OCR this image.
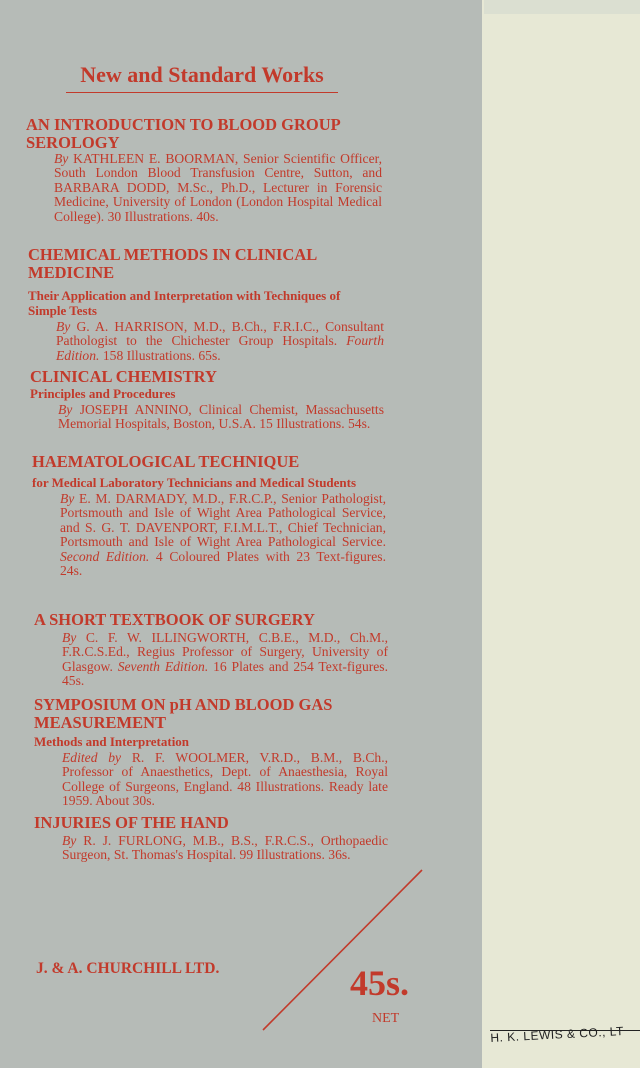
H. K. LEWIS & CO., LT
New and Standard Works
AN INTRODUCTION TO BLOOD GROUP SEROLOGY
By KATHLEEN E. BOORMAN, Senior Scientific Officer, South London Blood Transfusion Centre, Sutton, and BARBARA DODD, M.Sc., Ph.D., Lecturer in Forensic Medicine, University of London (London Hospital Medical College). 30 Illustrations. 40s.
CHEMICAL METHODS IN CLINICAL MEDICINE
Their Application and Interpretation with Techniques of Simple Tests
By G. A. HARRISON, M.D., B.Ch., F.R.I.C., Consultant Pathologist to the Chichester Group Hospitals. Fourth Edition. 158 Illustrations. 65s.
CLINICAL CHEMISTRY
Principles and Procedures
By JOSEPH ANNINO, Clinical Chemist, Massachusetts Memorial Hospitals, Boston, U.S.A. 15 Illustrations. 54s.
HAEMATOLOGICAL TECHNIQUE
for Medical Laboratory Technicians and Medical Students
By E. M. DARMADY, M.D., F.R.C.P., Senior Pathologist, Portsmouth and Isle of Wight Area Pathological Service, and S. G. T. DAVENPORT, F.I.M.L.T., Chief Technician, Portsmouth and Isle of Wight Area Pathological Service. Second Edition. 4 Coloured Plates with 23 Text-figures. 24s.
A SHORT TEXTBOOK OF SURGERY
By C. F. W. ILLINGWORTH, C.B.E., M.D., Ch.M., F.R.C.S.Ed., Regius Professor of Surgery, University of Glasgow. Seventh Edition. 16 Plates and 254 Text-figures. 45s.
SYMPOSIUM ON pH AND BLOOD GAS MEASUREMENT
Methods and Interpretation
Edited by R. F. WOOLMER, V.R.D., B.M., B.Ch., Professor of Anaesthetics, Dept. of Anaesthesia, Royal College of Surgeons, England. 48 Illustrations. Ready late 1959. About 30s.
INJURIES OF THE HAND
By R. J. FURLONG, M.B., B.S., F.R.C.S., Orthopaedic Surgeon, St. Thomas's Hospital. 99 Illustrations. 36s.
J. & A. CHURCHILL LTD.	45s.
NET
